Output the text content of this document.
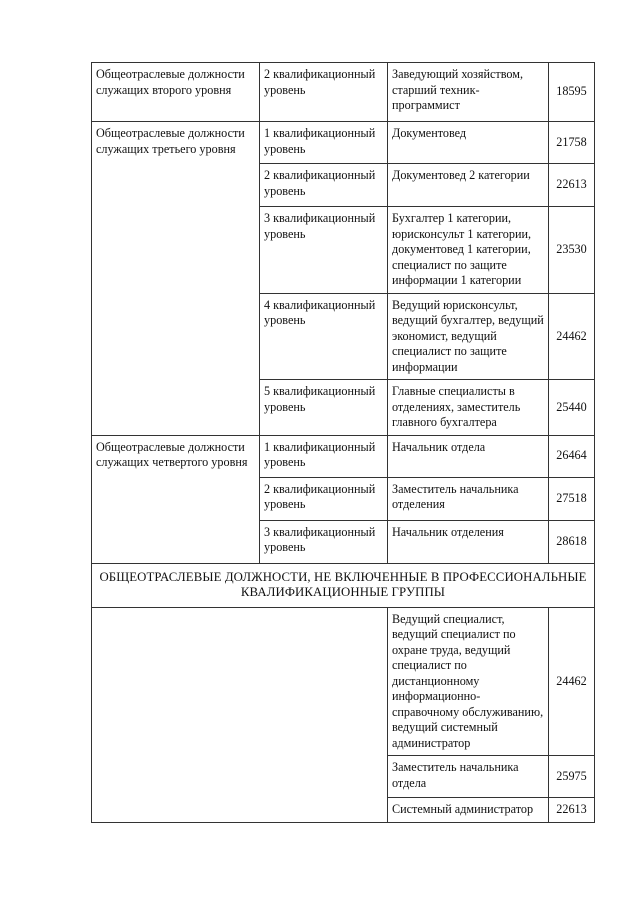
Общеотраслевые должности служащих второго уровня	2 квалификационный уровень	Заведующий хозяйством, старший техник-программист	18595
Общеотраслевые должности служащих третьего уровня	1 квалификационный уровень	Документовед	21758
	2 квалификационный уровень	Документовед 2 категории	22613
	3 квалификационный уровень	Бухгалтер 1 категории, юрисконсульт 1 категории, документовед 1 категории, специалист по защите информации 1 категории	23530
	4 квалификационный уровень	Ведущий юрисконсульт, ведущий бухгалтер, ведущий экономист, ведущий специалист по защите информации	24462
	5 квалификационный уровень	Главные специалисты в отделениях, заместитель главного бухгалтера	25440
Общеотраслевые должности служащих четвертого уровня	1 квалификационный уровень	Начальник отдела	26464
	2 квалификационный уровень	Заместитель начальника отделения	27518
	3 квалификационный уровень	Начальник отделения	28618
ОБЩЕОТРАСЛЕВЫЕ ДОЛЖНОСТИ, НЕ ВКЛЮЧЕННЫЕ В ПРОФЕССИОНАЛЬНЫЕ КВАЛИФИКАЦИОННЫЕ ГРУППЫ			
		Ведущий специалист, ведущий специалист по охране труда, ведущий специалист по дистанционному информационно-справочному обслуживанию, ведущий системный администратор	24462
		Заместитель начальника отдела	25975
		Системный администратор	22613
